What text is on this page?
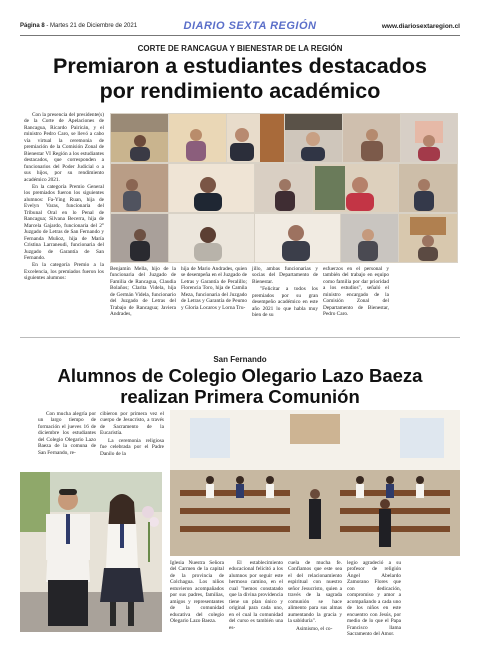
Página 8 - Martes 21 de Diciembre de 2021	DIARIO SEXTA REGIÓN	www.diariosextaregion.cl
CORTE DE RANCAGUA Y BIENESTAR DE LA REGIÓN
Premiaron a estudiantes destacados
por rendimiento académico

Con la presencia del presidente(s) de la Corte de Apelaciones de Rancagua, Ricardo Pairicán, y el ministro Pedro Caro, se llevó a cabo vía virtual la ceremonia de premiación de la Comisión Zonal de Bienestar VI Región a los estudiantes destacados, que corresponden a funcionarios del Poder Judicial o a sus hijos, por su rendimiento académico 2021.

En la categoría Premio General los premiados fueron los siguientes alumnos: Fa-Ying Ruan, hija de Evelyn Varas, funcionaria del Tribunal Oral en lo Penal de Rancagua; Silvana Becerra, hija de Marcela Gajardo, funcionaria del 2° Juzgado de Letras de San Fernando y Fernanda Muñoz, hija de María Cristina Larraneudi, funcionaria del Juzgado de Garantía de San Fernando.

En la categoría Premio a la Excelencia, los premiados fueron los siguientes alumnos:

Benjamín Mella, hijo de la funcionaria del Juzgado de Familia de Rancagua, Claudia Bolaños; Clarita Videla, hija de Germán Videla, funcionario del Juzgado de Letras del Trabajo de Rancagua; Javiera Andrades,

hija de Mario Andrades, quien se desempeña en el Juzgado de Letras y Garantía de Peralillo; Florencia Toro, hija de Camila Meza, funcionaria del Juzgado de Letras y Garantía de Peumo y Gloria Locaros y Lorna Tru-

jillo, ambas funcionarias y socias del Departamento de Bienestar.

"Felicitar a todos los premiados por su gran desempeño académico en este año 2021 lo que habla muy bien de su

esfuerzos en el personal y también del trabajo en equipo como familia por dar prioridad a los estudios", señaló el ministro encargado de la Comisión Zonal del Departamento de Bienestar, Pedro Caro.

San Fernando
Alumnos de Colegio Olegario Lazo Baeza
realizan Primera Comunión

Con mucha alegría por un largo tiempo de formación el jueves 16 de diciembre los estudiantes del Colegio Olegario Lazo Baeza de la comuna de San Fernando, re-

cibieron por primera vez el cuerpo de Jesucristo, a través de Sacramento de la Eucaristía.

La ceremonia religiosa fue celebrada por el Padre Danilo de la

Iglesia Nuestra Señora del Carmen de la capital de la provincia de Colchagua. Los niños estuvieron acompañados por sus padres, familias, amigos y representantes de la comunidad educativa del colegio Olegario Lazo Baeza.

El establecimiento educacional felicitó a los alumnos por seguir este hermoso camino, en el cual "hemos constatado que la divina providencia tiene un plan único y original para cada uno, en el cual la comunidad del curso es también una es-

cuela de mucha fe. Confiamos que este sea el del relacionamiento espiritual con nuestro señor Jesucristo, quien a través de la sagrada comunión se hace alimento para sus almas aumentando la gracia y la sabiduría".

Asimismo, el co-

legio agradeció a su profesor de religión Ángel Abelardo Zamorano Flores que con dedicación, compromiso y amor a acompañando a cada uno de los niños en este encuentro con Jesús, por medio de lo que el Papa Francisco llama Sacramento del Amor.
